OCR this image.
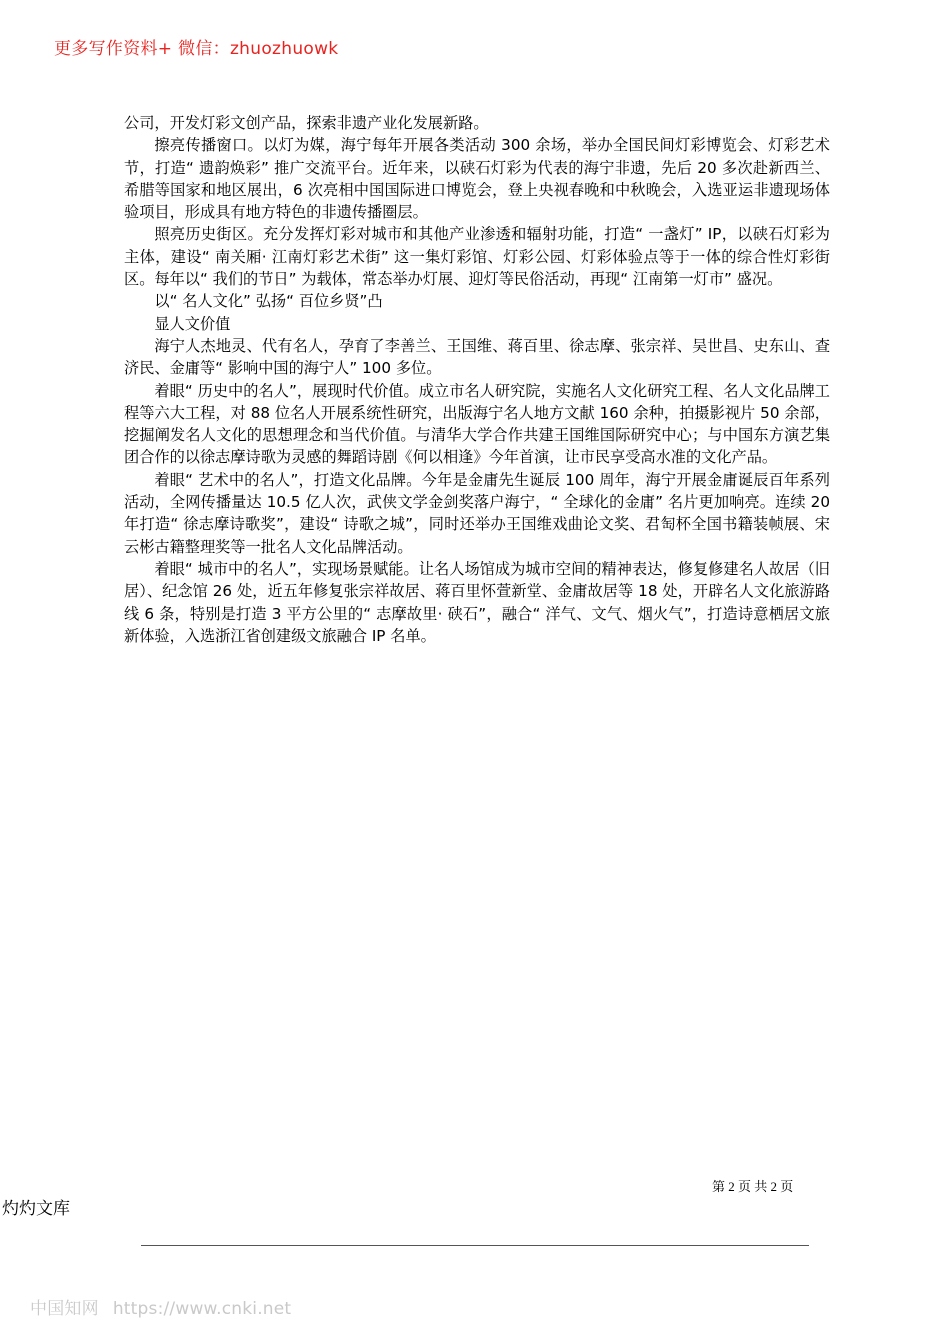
更多写作资料+ 微信：zhuozhuowk

公司，开发灯彩文创产品，探索非遗产业化发展新路。

擦亮传播窗口。以灯为媒，海宁每年开展各类活动 300 余场，举办全国民间灯彩博览会、灯彩艺术节，打造“ 遗韵焕彩” 推广交流平台。近年来，以硖石灯彩为代表的海宁非遗，先后 20 多次赴新西兰、希腊等国家和地区展出，6 次亮相中国国际进口博览会，登上央视春晚和中秋晚会，入选亚运非遗现场体验项目，形成具有地方特色的非遗传播圈层。

照亮历史街区。充分发挥灯彩对城市和其他产业渗透和辐射功能，打造“ 一盏灯” IP，以硖石灯彩为主体，建设“ 南关厢· 江南灯彩艺术街” 这一集灯彩馆、灯彩公园、灯彩体验点等于一体的综合性灯彩街区。每年以“ 我们的节日” 为载体，常态举办灯展、迎灯等民俗活动，再现“ 江南第一灯市” 盛况。

以“ 名人文化” 弘扬“ 百位乡贤”凸

显人文价值

海宁人杰地灵、代有名人，孕育了李善兰、王国维、蒋百里、徐志摩、张宗祥、吴世昌、史东山、查济民、金庸等“ 影响中国的海宁人” 100 多位。

着眼“ 历史中的名人”，展现时代价值。成立市名人研究院，实施名人文化研究工程、名人文化品牌工程等六大工程，对 88 位名人开展系统性研究，出版海宁名人地方文献 160 余种，拍摄影视片 50 余部，挖掘阐发名人文化的思想理念和当代价值。与清华大学合作共建王国维国际研究中心；与中国东方演艺集团合作的以徐志摩诗歌为灵感的舞蹈诗剧《何以相逢》今年首演，让市民享受高水准的文化产品。

着眼“ 艺术中的名人”，打造文化品牌。今年是金庸先生诞辰 100 周年，海宁开展金庸诞辰百年系列活动，全网传播量达 10.5 亿人次，武侠文学金剑奖落户海宁，“ 全球化的金庸” 名片更加响亮。连续 20 年打造“ 徐志摩诗歌奖”，建设“ 诗歌之城”，同时还举办王国维戏曲论文奖、君匋杯全国书籍装帧展、宋云彬古籍整理奖等一批名人文化品牌活动。

着眼“ 城市中的名人”，实现场景赋能。让名人场馆成为城市空间的精神表达，修复修建名人故居（旧居）、纪念馆 26 处，近五年修复张宗祥故居、蒋百里怀萱新堂、金庸故居等 18 处，开辟名人文化旅游路线 6 条，特别是打造 3 平方公里的“ 志摩故里· 硖石”，融合“ 洋气、文气、烟火气”，打造诗意栖居文旅新体验，入选浙江省创建级文旅融合 IP 名单。

第 2 页 共 2 页
灼灼文库
中国知网 https://www.cnki.net
